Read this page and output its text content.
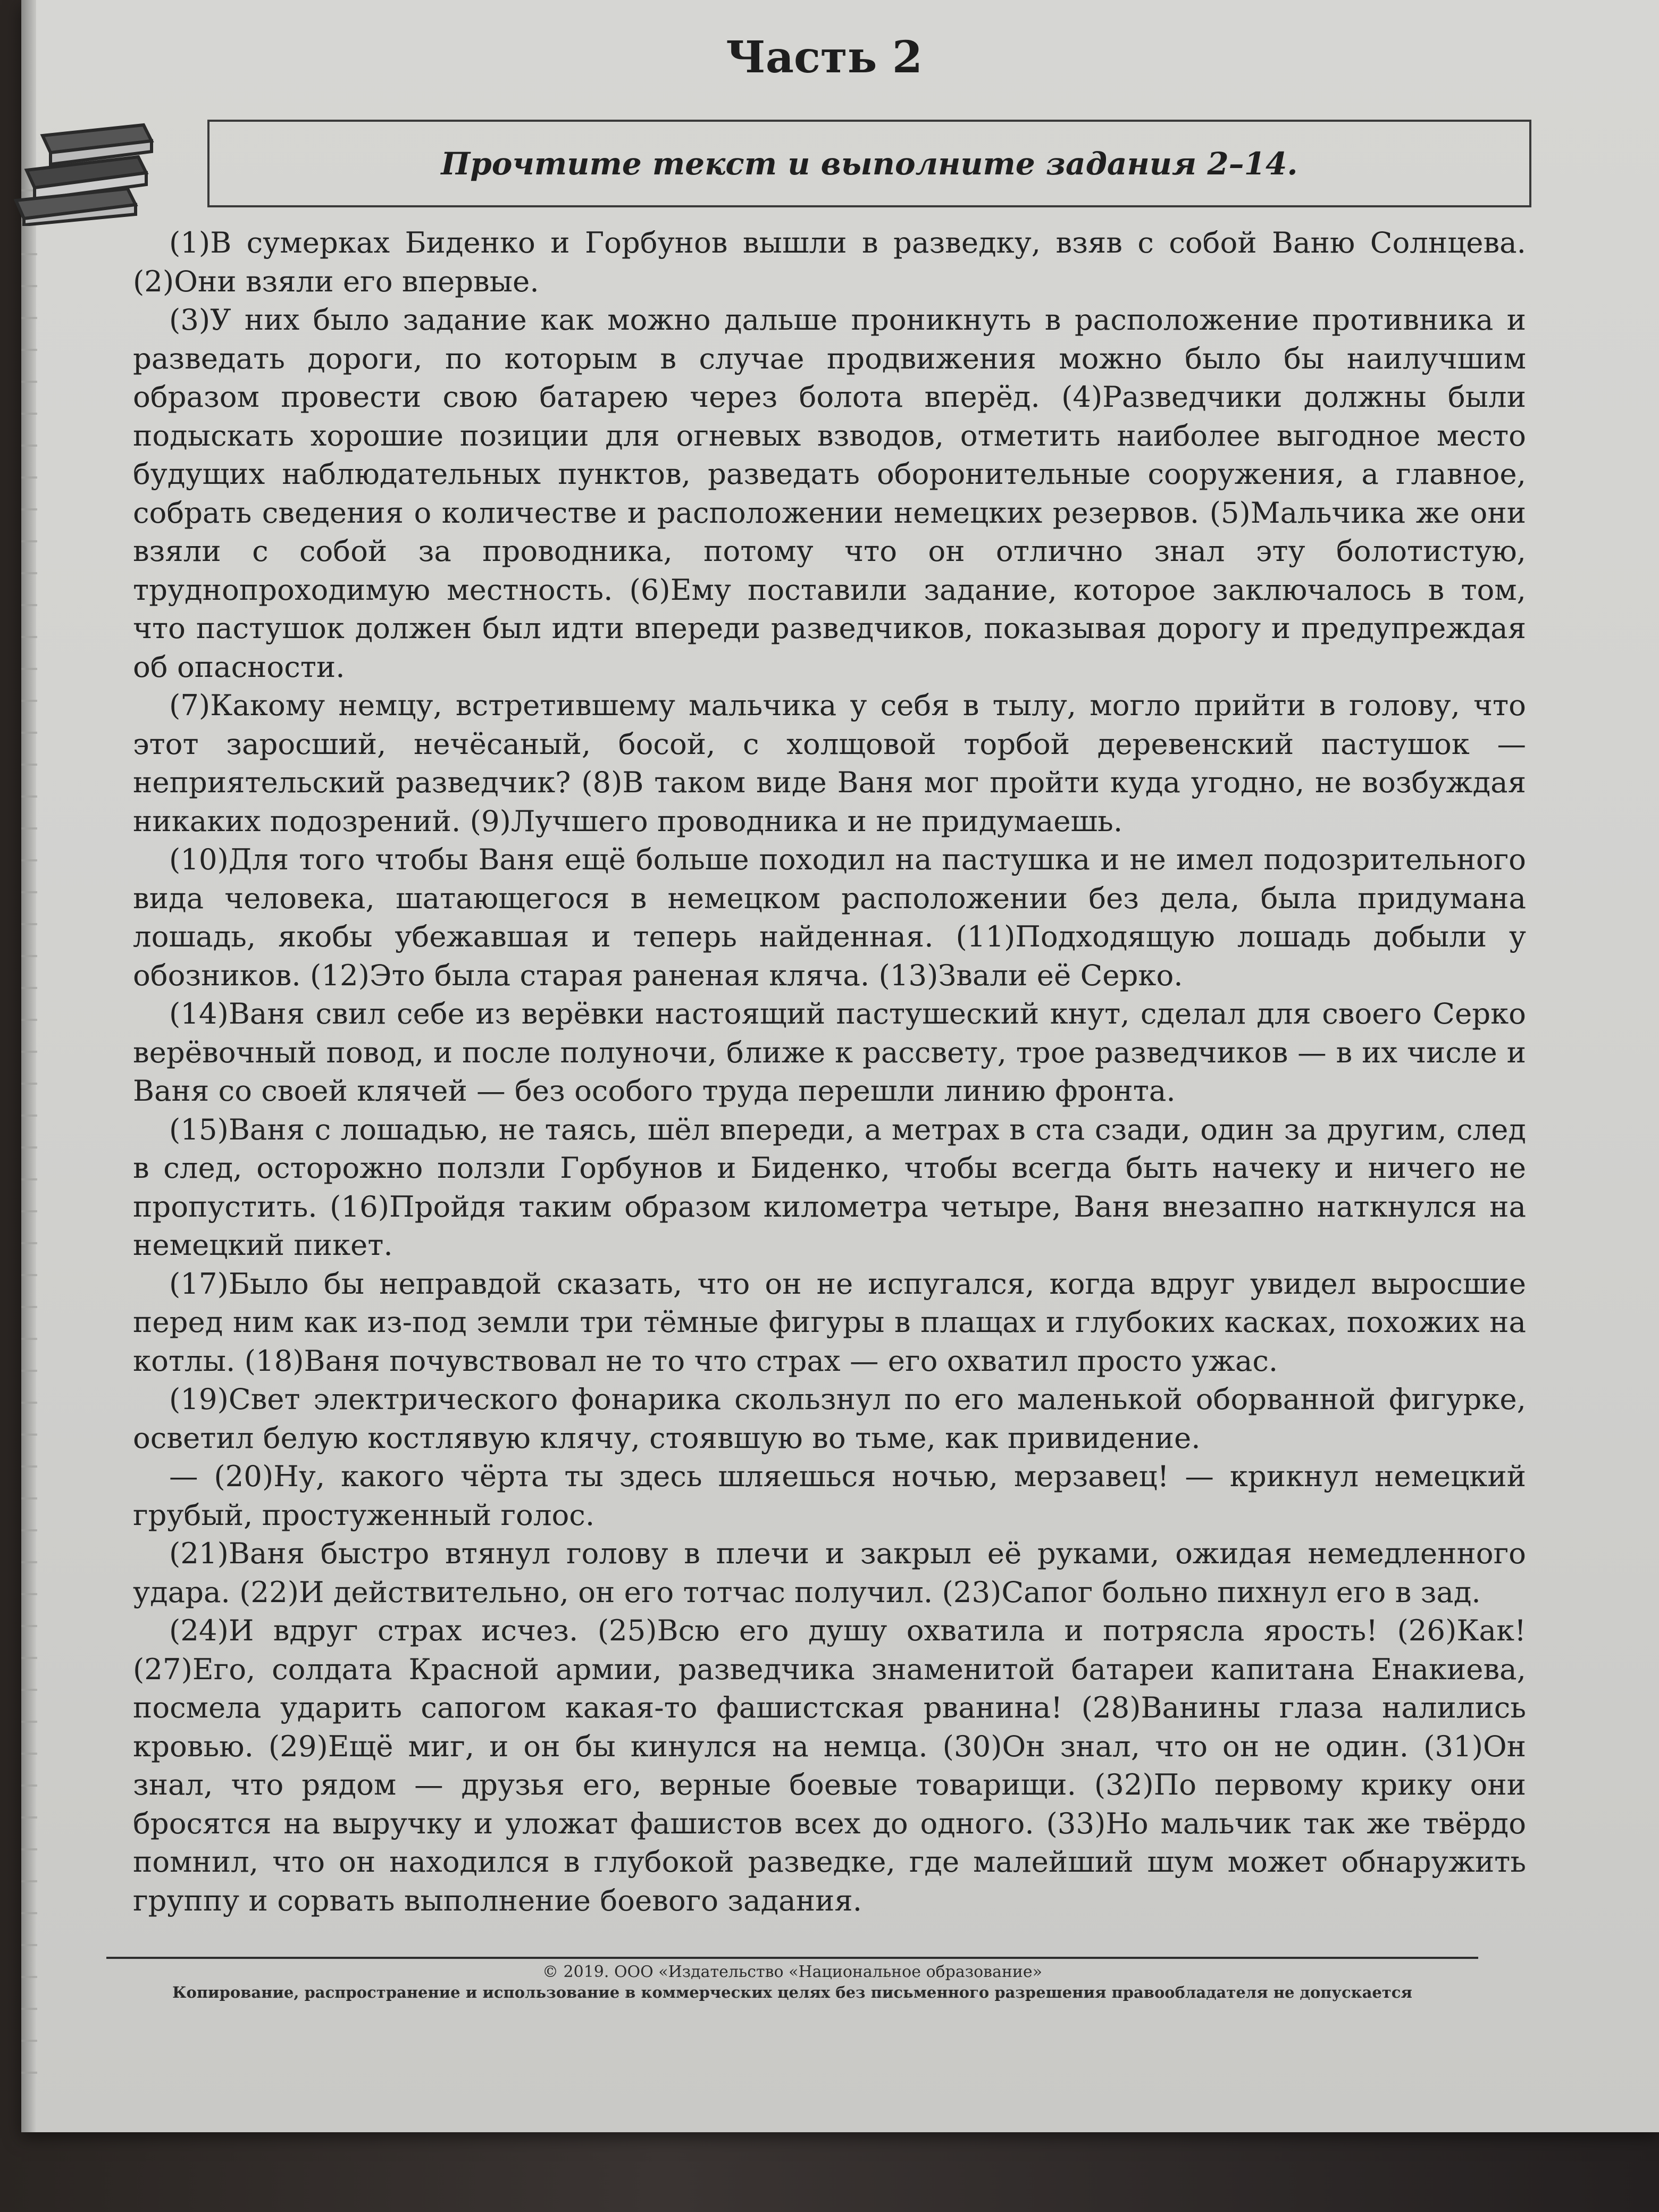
Часть 2
Прочтите текст и выполните задания 2–14.

(1)В сумерках Биденко и Горбунов вышли в разведку, взяв с собой Ваню Солнцева. (2)Они взяли его впервые.

(3)У них было задание как можно дальше проникнуть в расположение противника и разведать дороги, по которым в случае продвижения можно было бы наилучшим образом провести свою батарею через болота вперёд. (4)Разведчики должны были подыскать хорошие позиции для огневых взводов, отметить наиболее выгодное место будущих наблюдательных пунктов, разведать оборонительные сооружения, а главное, собрать сведения о количестве и расположении немецких резервов. (5)Мальчика же они взяли с собой за проводника, потому что он отлично знал эту болотистую, труднопроходимую местность. (6)Ему поставили задание, которое заключалось в том, что пастушок должен был идти впереди разведчиков, показывая дорогу и предупреждая об опасности.

(7)Какому немцу, встретившему мальчика у себя в тылу, могло прийти в голову, что этот заросший, нечёсаный, босой, с холщовой торбой деревенский пастушок — неприятельский разведчик? (8)В таком виде Ваня мог пройти куда угодно, не возбуждая никаких подозрений. (9)Лучшего проводника и не придумаешь.

(10)Для того чтобы Ваня ещё больше походил на пастушка и не имел подозрительного вида человека, шатающегося в немецком расположении без дела, была придумана лошадь, якобы убежавшая и теперь найденная. (11)Подходящую лошадь добыли у обозников. (12)Это была старая раненая кляча. (13)Звали её Серко.

(14)Ваня свил себе из верёвки настоящий пастушеский кнут, сделал для своего Серко верёвочный повод, и после полуночи, ближе к рассвету, трое разведчиков — в их числе и Ваня со своей клячей — без особого труда перешли линию фронта.

(15)Ваня с лошадью, не таясь, шёл впереди, а метрах в ста сзади, один за другим, след в след, осторожно ползли Горбунов и Биденко, чтобы всегда быть начеку и ничего не пропустить. (16)Пройдя таким образом километра четыре, Ваня внезапно наткнулся на немецкий пикет.

(17)Было бы неправдой сказать, что он не испугался, когда вдруг увидел выросшие перед ним как из-под земли три тёмные фигуры в плащах и глубоких касках, похожих на котлы. (18)Ваня почувствовал не то что страх — его охватил просто ужас.

(19)Свет электрического фонарика скользнул по его маленькой оборванной фигурке, осветил белую костлявую клячу, стоявшую во тьме, как привидение.

— (20)Ну, какого чёрта ты здесь шляешься ночью, мерзавец! — крикнул немецкий грубый, простуженный голос.

(21)Ваня быстро втянул голову в плечи и закрыл её руками, ожидая немедленного удара. (22)И действительно, он его тотчас получил. (23)Сапог больно пихнул его в зад.

(24)И вдруг страх исчез. (25)Всю его душу охватила и потрясла ярость! (26)Как! (27)Его, солдата Красной армии, разведчика знаменитой батареи капитана Енакиева, посмела ударить сапогом какая-то фашистская рванина! (28)Ванины глаза налились кровью. (29)Ещё миг, и он бы кинулся на немца. (30)Он знал, что он не один. (31)Он знал, что рядом — друзья его, верные боевые товарищи. (32)По первому крику они бросятся на выручку и уложат фашистов всех до одного. (33)Но мальчик так же твёрдо помнил, что он находился в глубокой разведке, где малейший шум может обнаружить группу и сорвать выполнение боевого задания.

© 2019. ООО «Издательство «Национальное образование»
Копирование, распространение и использование в коммерческих целях без письменного разрешения правообладателя не допускается
